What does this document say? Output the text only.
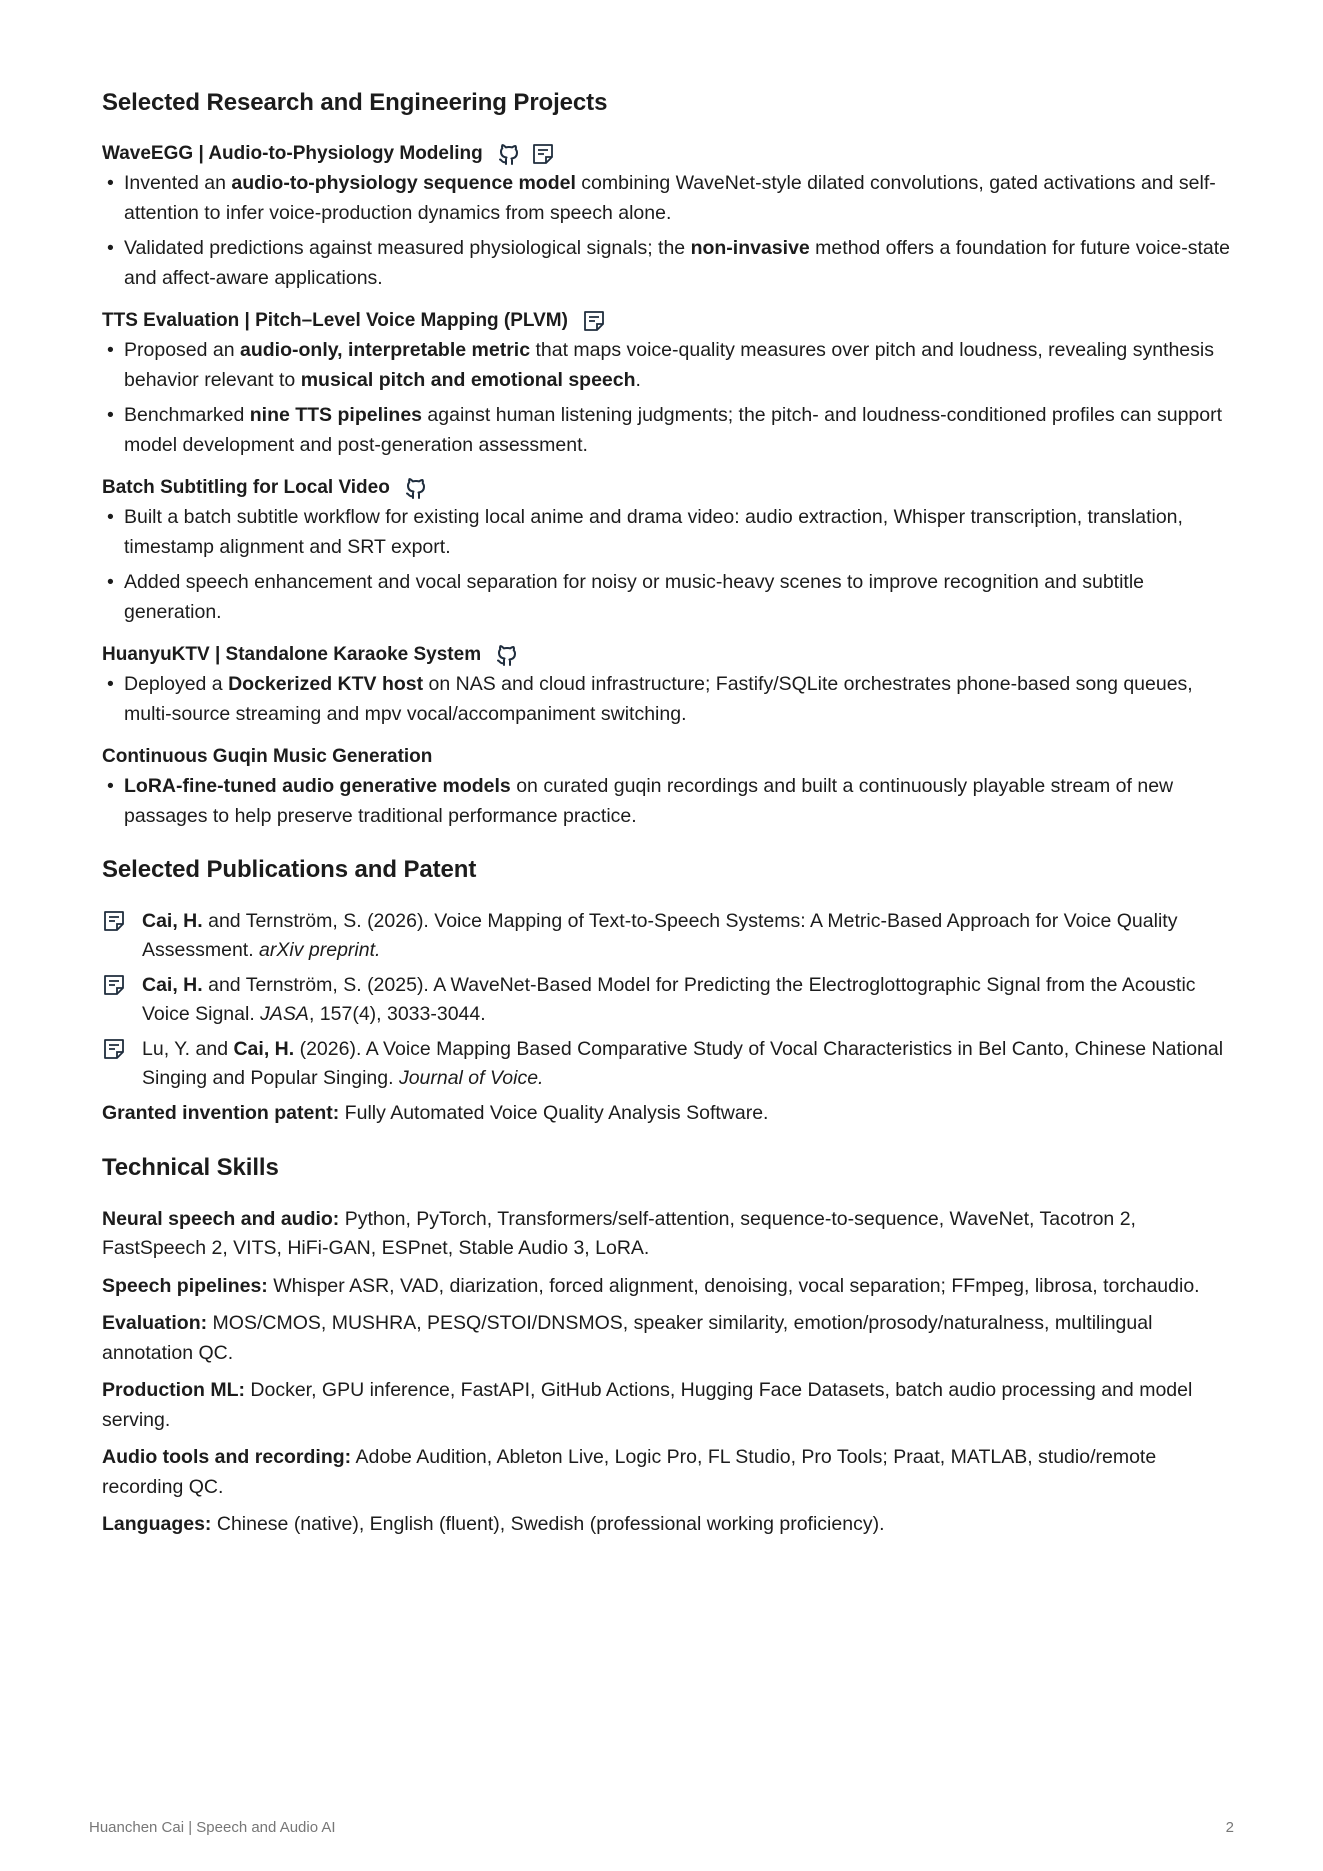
Selected Research and Engineering Projects
WaveEGG | Audio-to-Physiology Modeling
• Invented an audio-to-physiology sequence model combining WaveNet-style dilated convolutions, gated activations and self-attention to infer voice-production dynamics from speech alone.
• Validated predictions against measured physiological signals; the non-invasive method offers a foundation for future voice-state and affect-aware applications.
TTS Evaluation | Pitch–Level Voice Mapping (PLVM)
• Proposed an audio-only, interpretable metric that maps voice-quality measures over pitch and loudness, revealing synthesis behavior relevant to musical pitch and emotional speech.
• Benchmarked nine TTS pipelines against human listening judgments; the pitch- and loudness-conditioned profiles can support model development and post-generation assessment.
Batch Subtitling for Local Video
• Built a batch subtitle workflow for existing local anime and drama video: audio extraction, Whisper transcription, translation, timestamp alignment and SRT export.
• Added speech enhancement and vocal separation for noisy or music-heavy scenes to improve recognition and subtitle generation.
HuanyuKTV | Standalone Karaoke System
• Deployed a Dockerized KTV host on NAS and cloud infrastructure; Fastify/SQLite orchestrates phone-based song queues, multi-source streaming and mpv vocal/accompaniment switching.
Continuous Guqin Music Generation
• LoRA-fine-tuned audio generative models on curated guqin recordings and built a continuously playable stream of new passages to help preserve traditional performance practice.
Selected Publications and Patent
Cai, H. and Ternström, S. (2026). Voice Mapping of Text-to-Speech Systems: A Metric-Based Approach for Voice Quality Assessment. arXiv preprint.
Cai, H. and Ternström, S. (2025). A WaveNet-Based Model for Predicting the Electroglottographic Signal from the Acoustic Voice Signal. JASA, 157(4), 3033-3044.
Lu, Y. and Cai, H. (2026). A Voice Mapping Based Comparative Study of Vocal Characteristics in Bel Canto, Chinese National Singing and Popular Singing. Journal of Voice.

Granted invention patent: Fully Automated Voice Quality Analysis Software.

Technical Skills

Neural speech and audio: Python, PyTorch, Transformers/self-attention, sequence-to-sequence, WaveNet, Tacotron 2, FastSpeech 2, VITS, HiFi-GAN, ESPnet, Stable Audio 3, LoRA.

Speech pipelines: Whisper ASR, VAD, diarization, forced alignment, denoising, vocal separation; FFmpeg, librosa, torchaudio.

Evaluation: MOS/CMOS, MUSHRA, PESQ/STOI/DNSMOS, speaker similarity, emotion/prosody/naturalness, multilingual annotation QC.

Production ML: Docker, GPU inference, FastAPI, GitHub Actions, Hugging Face Datasets, batch audio processing and model serving.

Audio tools and recording: Adobe Audition, Ableton Live, Logic Pro, FL Studio, Pro Tools; Praat, MATLAB, studio/remote recording QC.

Languages: Chinese (native), English (fluent), Swedish (professional working proficiency).

Huanchen Cai | Speech and Audio AI	2
